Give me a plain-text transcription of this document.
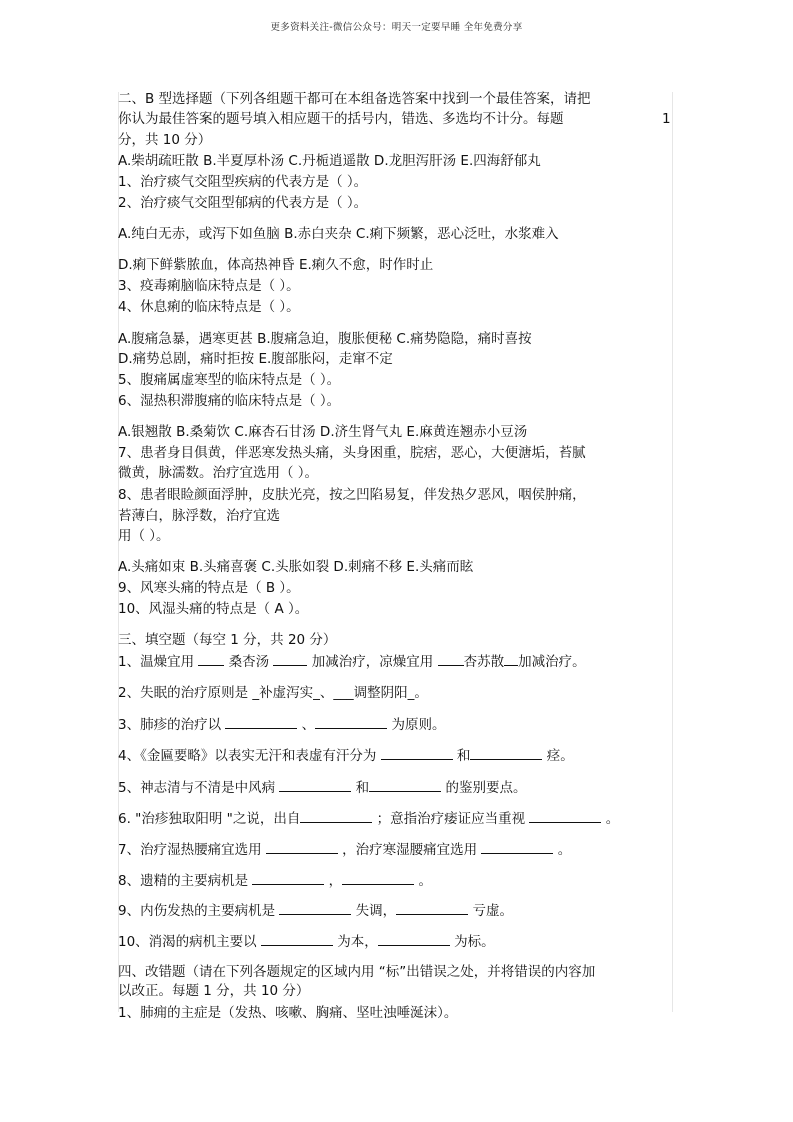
更多资料关注-微信公众号：明天一定要早睡 全年免费分享
二、B 型选择题（下列各组题干都可在本组备选答案中找到一个最佳答案，请把
你认为最佳答案的题号填入相应题干的括号内，错选、多选均不计分。每题	1
分，共 10 分）
A.柴胡疏旺散 B.半夏厚朴汤 C.丹栀逍遥散 D.龙胆泻肝汤 E.四海舒郁丸
1、治疗痰气交阻型疾病的代表方是（ ）。
2、治疗痰气交阻型郁病的代表方是（ ）。
A.纯白无赤，或泻下如鱼脑 B.赤白夹杂 C.痢下频繁，恶心泛吐，水浆难入
D.痢下鲜紫脓血，体高热神昏 E.痢久不愈，时作时止
3、疫毒痢脑临床特点是（ ）。
4、休息痢的临床特点是（ ）。
A.腹痛急暴，遇寒更甚 B.腹痛急迫，腹胀便秘 C.痛势隐隐，痛时喜按
D.痛势总剧，痛时拒按 E.腹部胀闷，走窜不定
5、腹痛属虚寒型的临床特点是（ ）。
6、湿热积滞腹痛的临床特点是（ ）。
A.银翘散 B.桑菊饮 C.麻杏石甘汤 D.济生肾气丸 E.麻黄连翘赤小豆汤
7、患者身目俱黄，伴恶寒发热头痛，头身困重，脘痞，恶心，大便溏垢，苔腻
微黄，脉濡数。治疗宜选用（ ）。
8、患者眼睑颜面浮肿，皮肤光亮，按之凹陷易复，伴发热夕恶风，咽侯肿痛，
苔薄白，脉浮数，治疗宜选
用（ ）。
A.头痛如束 B.头痛喜褒 C.头胀如裂 D.刺痛不移 E.头痛而眩
9、风寒头痛的特点是（ B ）。
10、风湿头痛的特点是（ A ）。
三、填空题（每空 1 分，共 20 分）
1、温燥宜用  桑杏汤	加减治疗，凉燥宜用 杏苏散 加减治疗。
2、失眠的治疗原则是 _补虚泻实_、___调整阴阳_。
3、肺疹的治疗以	、	为原则。
4、《金匾要略》以表实无汗和表虚有汗分为	和	痉。
5、神志清与不清是中风病	和	的鉴别要点。
6. "治疹独取阳明 "之说，出自	；意指治疗痿证应当重视	。
7、治疗湿热腰痛宜选用	，治疗寒湿腰痛宜选用	。
8、遗精的主要病机是	，	。
9、内伤发热的主要病机是	失调，	亏虚。
10、消渴的病机主要以	为本，	为标。
四、改错题（请在下列各题规定的区域内用 “标”出错误之处，并将错误的内容加
以改正。每题 1 分，共 10 分）
1、肺痈的主症是（发热、咳嗽、胸痛、坚吐浊唾涎沫）。
